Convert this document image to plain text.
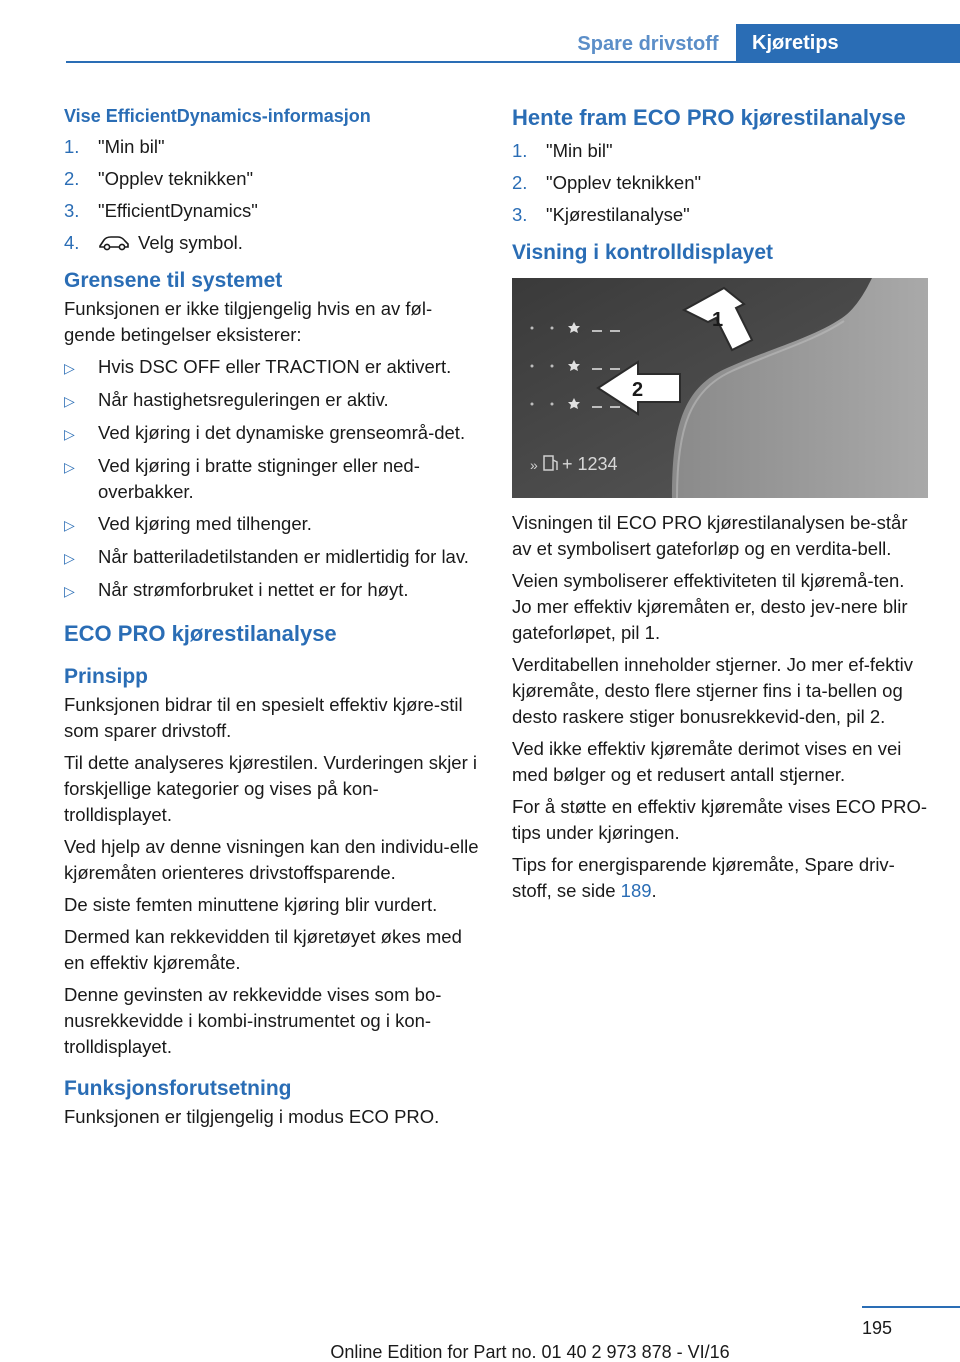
Spare drivstoff	Kjøretips
Vise EfficientDynamics-informasjon
1.	"Min bil"
2.	"Opplev teknikken"
3.	"EfficientDynamics"
4.	Velg symbol.
Grensene til systemet

Funksjonen er ikke tilgjengelig hvis en av føl-gende betingelser eksisterer:

▷	Hvis DSC OFF eller TRACTION er aktivert.
▷	Når hastighetsreguleringen er aktiv.
▷	Ved kjøring i det dynamiske grenseområ-det.
▷	Ved kjøring i bratte stigninger eller ned-overbakker.
▷	Ved kjøring med tilhenger.
▷	Når batteriladetilstanden er midlertidig for lav.
▷	Når strømforbruket i nettet er for høyt.
ECO PRO kjørestilanalyse
Prinsipp

Funksjonen bidrar til en spesielt effektiv kjøre-stil som sparer drivstoff.

Til dette analyseres kjørestilen. Vurderingen skjer i forskjellige kategorier og vises på kon-trolldisplayet.

Ved hjelp av denne visningen kan den individu-elle kjøremåten orienteres drivstoffsparende.

De siste femten minuttene kjøring blir vurdert.

Dermed kan rekkevidden til kjøretøyet økes med en effektiv kjøremåte.

Denne gevinsten av rekkevidde vises som bo-nusrekkevidde i kombi-instrumentet og i kon-trolldisplayet.

Funksjonsforutsetning

Funksjonen er tilgjengelig i modus ECO PRO.

Hente fram ECO PRO kjørestilanalyse
1.	"Min bil"
2.	"Opplev teknikken"
3.	"Kjørestilanalyse"
Visning i kontrolldisplayet
1
2
» + 1234

Visningen til ECO PRO kjørestilanalysen be-står av et symbolisert gateforløp og en verdita-bell.

Veien symboliserer effektiviteten til kjøremå-ten. Jo mer effektiv kjøremåten er, desto jev-nere blir gateforløpet, pil 1.

Verditabellen inneholder stjerner. Jo mer ef-fektiv kjøremåte, desto flere stjerner fins i ta-bellen og desto raskere stiger bonusrekkevid-den, pil 2.

Ved ikke effektiv kjøremåte derimot vises en vei med bølger og et redusert antall stjerner.

For å støtte en effektiv kjøremåte vises ECO PRO-tips under kjøringen.

Tips for energisparende kjøremåte, Spare driv-stoff, se side 189.

195
Online Edition for Part no. 01 40 2 973 878 - VI/16
